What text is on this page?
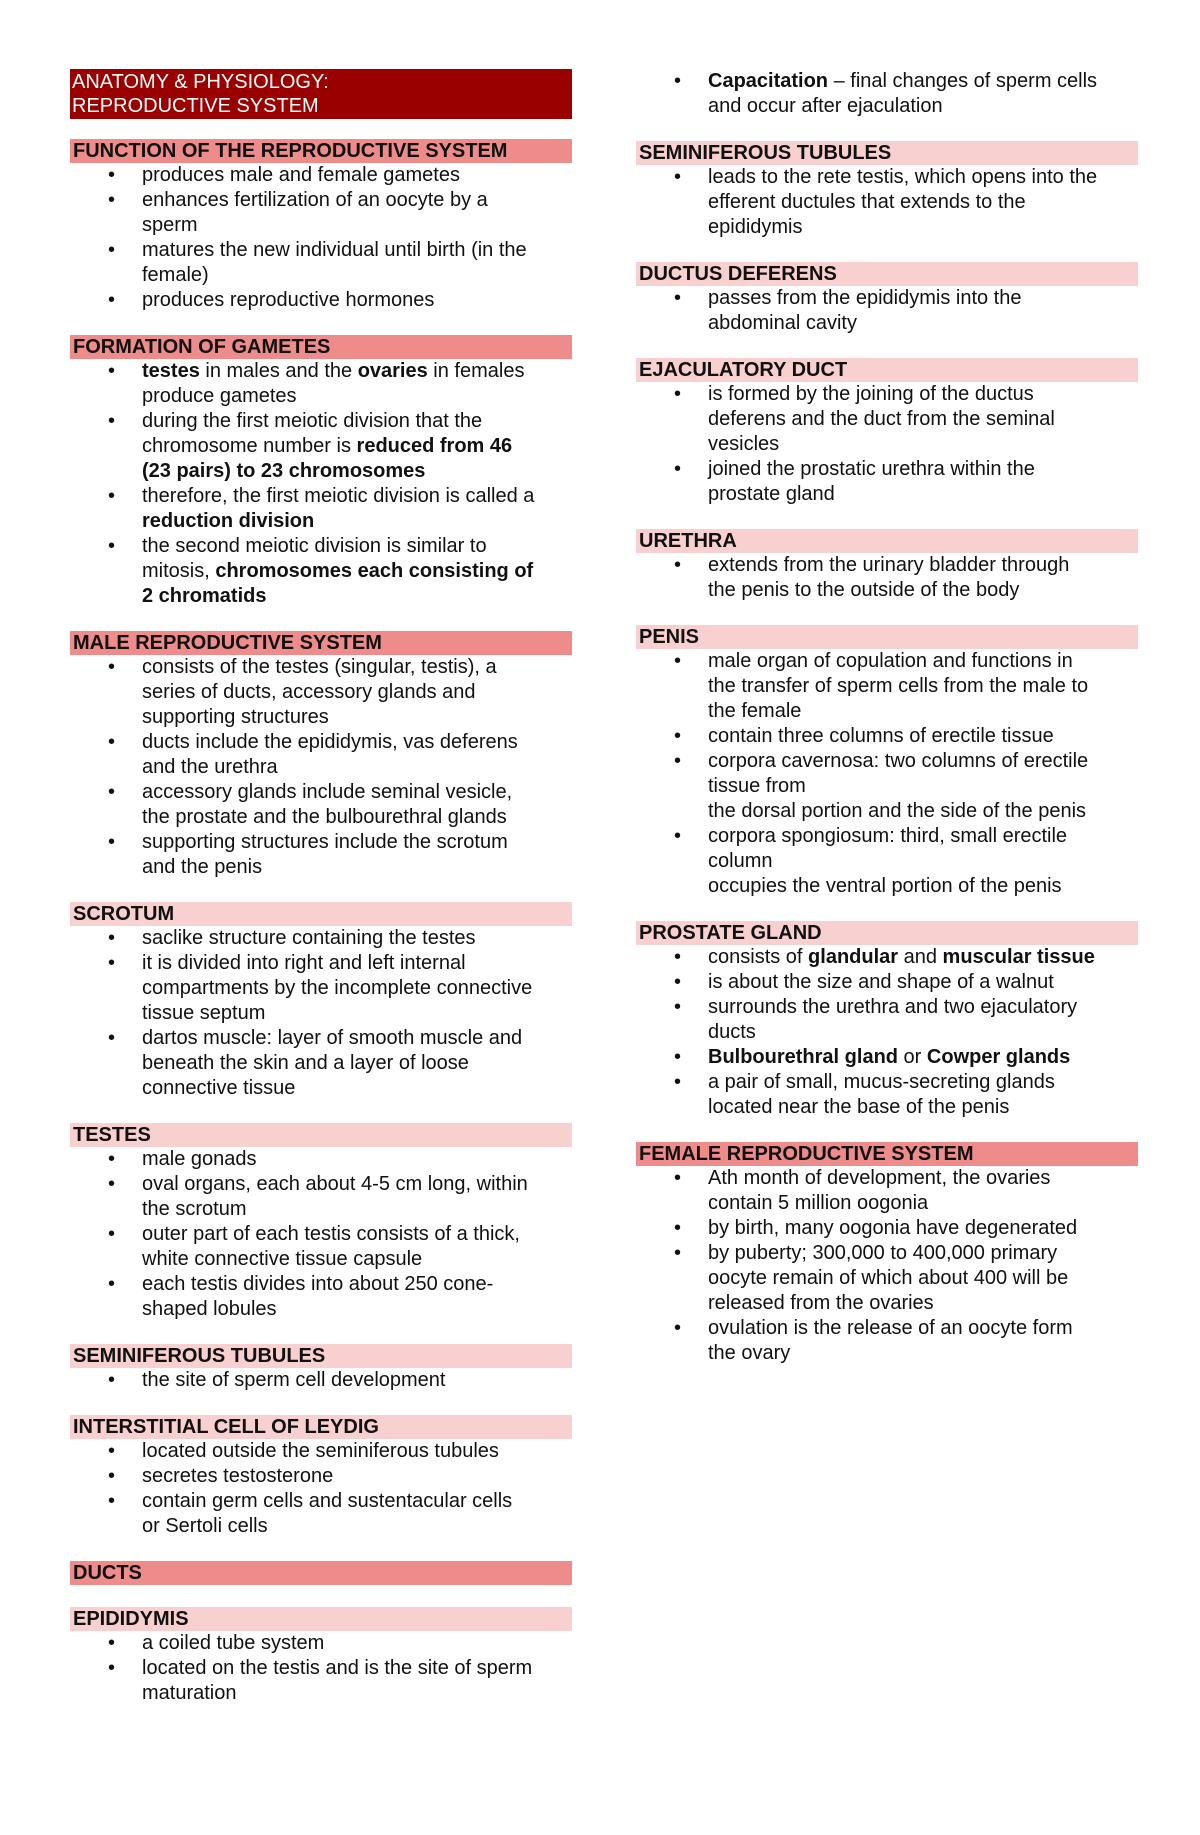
ANATOMY & PHYSIOLOGY:
REPRODUCTIVE SYSTEM
FUNCTION OF THE REPRODUCTIVE SYSTEM
• produces male and female gametes
• enhances fertilization of an oocyte by a
sperm
• matures the new individual until birth (in the
female)
• produces reproductive hormones
FORMATION OF GAMETES
• testes in males and the ovaries in females
produce gametes
• during the first meiotic division that the
chromosome number is reduced from 46
(23 pairs) to 23 chromosomes
• therefore, the first meiotic division is called a
reduction division
• the second meiotic division is similar to
mitosis, chromosomes each consisting of
2 chromatids
MALE REPRODUCTIVE SYSTEM
• consists of the testes (singular, testis), a
series of ducts, accessory glands and
supporting structures
• ducts include the epididymis, vas deferens
and the urethra
• accessory glands include seminal vesicle,
the prostate and the bulbourethral glands
• supporting structures include the scrotum
and the penis
SCROTUM
• saclike structure containing the testes
• it is divided into right and left internal
compartments by the incomplete connective
tissue septum
• dartos muscle: layer of smooth muscle and
beneath the skin and a layer of loose
connective tissue
TESTES
• male gonads
• oval organs, each about 4-5 cm long, within
the scrotum
• outer part of each testis consists of a thick,
white connective tissue capsule
• each testis divides into about 250 cone-
shaped lobules
SEMINIFEROUS TUBULES
• the site of sperm cell development
INTERSTITIAL CELL OF LEYDIG
• located outside the seminiferous tubules
• secretes testosterone
• contain germ cells and sustentacular cells
or Sertoli cells
DUCTS
EPIDIDYMIS
• a coiled tube system
• located on the testis and is the site of sperm
maturation
• Capacitation – final changes of sperm cells
and occur after ejaculation
SEMINIFEROUS TUBULES
• leads to the rete testis, which opens into the
efferent ductules that extends to the
epididymis
DUCTUS DEFERENS
• passes from the epididymis into the
abdominal cavity
EJACULATORY DUCT
• is formed by the joining of the ductus
deferens and the duct from the seminal
vesicles
• joined the prostatic urethra within the
prostate gland
URETHRA
• extends from the urinary bladder through
the penis to the outside of the body
PENIS
• male organ of copulation and functions in
the transfer of sperm cells from the male to
the female
• contain three columns of erectile tissue
• corpora cavernosa: two columns of erectile
tissue from
the dorsal portion and the side of the penis
• corpora spongiosum: third, small erectile
column
occupies the ventral portion of the penis
PROSTATE GLAND
• consists of glandular and muscular tissue
• is about the size and shape of a walnut
• surrounds the urethra and two ejaculatory
ducts
• Bulbourethral gland or Cowper glands
• a pair of small, mucus-secreting glands
located near the base of the penis
FEMALE REPRODUCTIVE SYSTEM
• Ath month of development, the ovaries
contain 5 million oogonia
• by birth, many oogonia have degenerated
• by puberty; 300,000 to 400,000 primary
oocyte remain of which about 400 will be
released from the ovaries
• ovulation is the release of an oocyte form
the ovary
